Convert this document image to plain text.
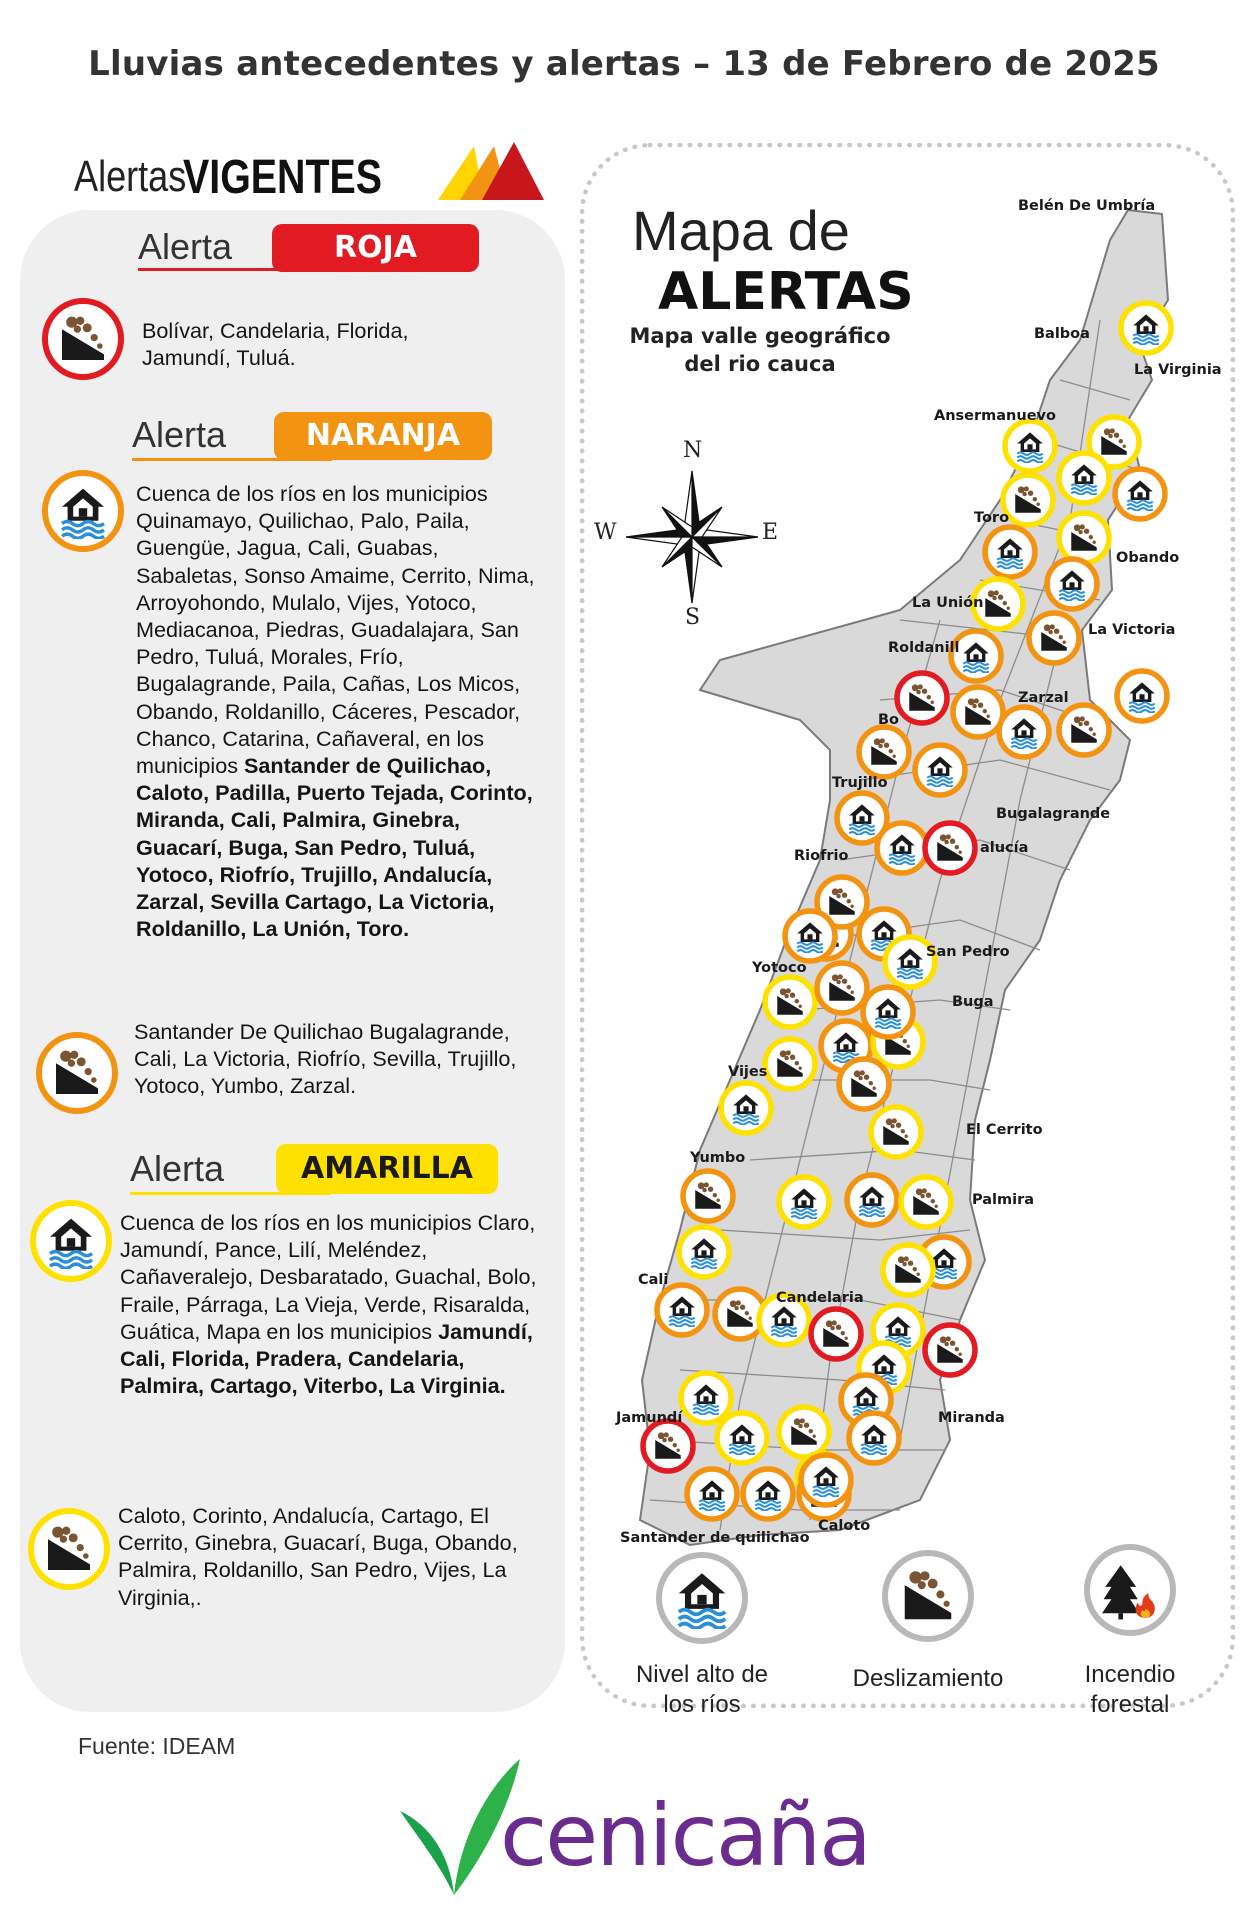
Lluvias antecedentes y alertas – 13 de Febrero de 2025
Alertas
VIGENTES
Alerta	ROJA
Bolívar, Candelaria, Florida, Jamundí, Tuluá.
Alerta	NARANJA
Cuenca de los ríos en los municipios Quinamayo, Quilichao, Palo, Paila, Guengüe, Jagua, Cali, Guabas, Sabaletas, Sonso Amaime, Cerrito, Nima, Arroyohondo, Mulalo, Vijes, Yotoco, Mediacanoa, Piedras, Guadalajara, San Pedro, Tuluá, Morales, Frío, Bugalagrande, Paila, Cañas, Los Micos, Obando, Roldanillo, Cáceres, Pescador, Chanco, Catarina, Cañaveral, en los municipios Santander de Quilichao, Caloto, Padilla, Puerto Tejada, Corinto, Miranda, Cali, Palmira, Ginebra, Guacarí, Buga, San Pedro, Tuluá, Yotoco, Riofrío, Trujillo, Andalucía, Zarzal, Sevilla Cartago, La Victoria, Roldanillo, La Unión, Toro.
Santander De Quilichao Bugalagrande, Cali, La Victoria, Riofrío, Sevilla, Trujillo, Yotoco, Yumbo, Zarzal.
Alerta	AMARILLA
Cuenca de los ríos en los municipios Claro, Jamundí, Pance, Lilí, Meléndez, Cañaveralejo, Desbaratado, Guachal, Bolo, Fraile, Párraga, La Vieja, Verde, Risaralda, Guática, Mapa en los municipios Jamundí, Cali, Florida, Pradera, Candelaria, Palmira, Cartago, Viterbo, La Virginia.
Caloto, Corinto, Andalucía, Cartago, El Cerrito, Ginebra, Guacarí, Buga, Obando, Palmira, Roldanillo, San Pedro, Vijes, La Virginia,.
Mapa de
ALERTAS
Mapa valle geográfico
del rio cauca
N
S
E
W
Belén De Umbría
Balboa
La Virginia
Ansermanuevo
Toro
Obando
La Unión
La Victoria
Roldanill
Zarzal
Bo
Trujillo
Bugalagrande
alucía
Riofrio
San Pedro
Yotoco
Buga
Vijes
El Cerrito
Yumbo
Palmira
Cali
Candelaria
Jamundí	Miranda
Caloto
Santander de quilichao
Nivel alto de
los ríos
Deslizamiento	Incendio
forestal
Fuente: IDEAM
cenicaña
